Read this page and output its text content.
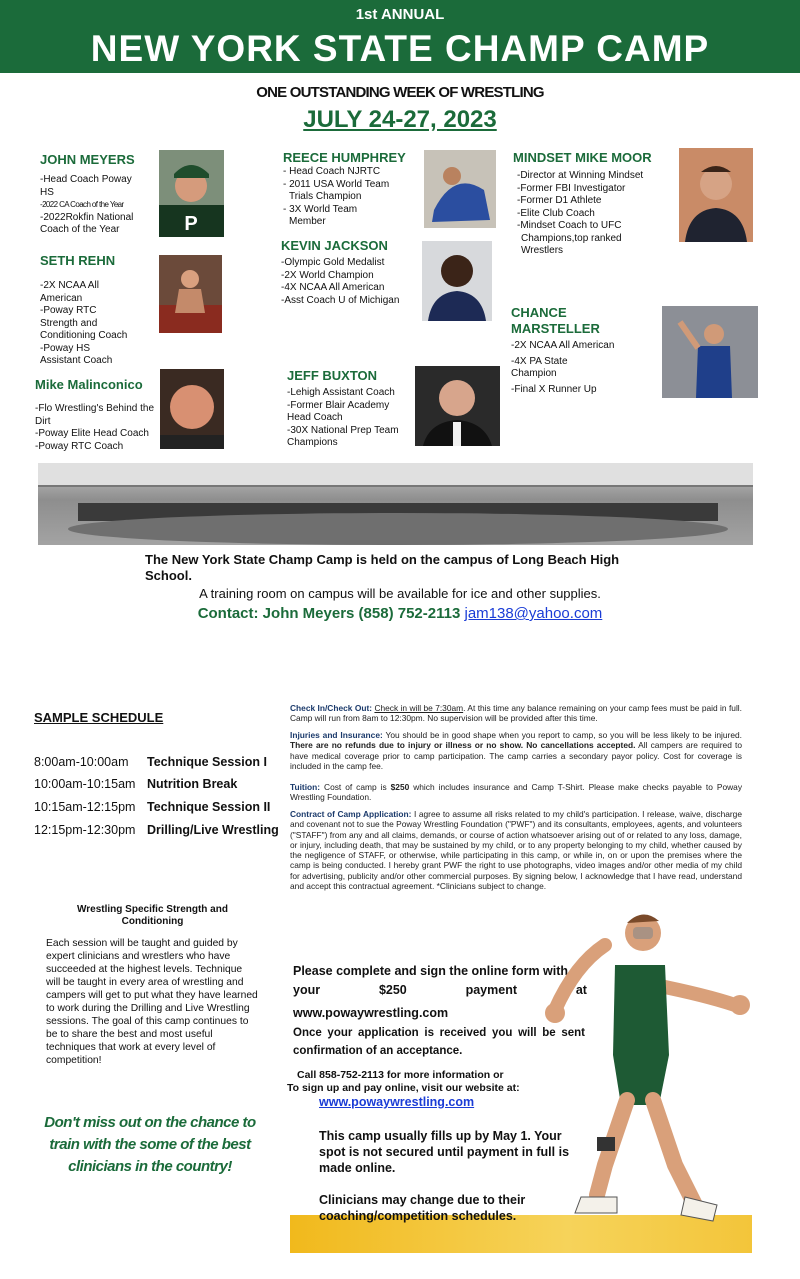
1st ANNUAL
NEW YORK STATE CHAMP CAMP
ONE OUTSTANDING WEEK OF WRESTLING
JULY 24-27, 2023
JOHN MEYERS
-Head Coach Poway
HS
-2022 CA Coach of the Year
-2022Rokfin National
Coach of the Year	P
SETH REHN
-2X NCAA All
American
-Poway RTC
Strength and
Conditioning Coach
-Poway HS
Assistant Coach
Mike Malinconico
-Flo Wrestling's Behind the
Dirt
-Poway Elite Head Coach
-Poway RTC Coach
REECE HUMPHREY
- Head Coach NJRTC
- 2011 USA World Team
Trials Champion
- 3X World Team
Member
KEVIN JACKSON
-Olympic Gold Medalist
-2X World Champion
-4X NCAA All American
-Asst Coach U of Michigan
JEFF BUXTON
-Lehigh Assistant Coach
-Former Blair Academy
Head Coach
-30X National Prep Team
Champions
MINDSET MIKE MOOR
-Director at Winning Mindset
-Former FBI Investigator
-Former D1 Athlete
-Elite Club Coach
-Mindset Coach to UFC
Champions,top ranked
Wrestlers
CHANCE
MARSTELLER
-2X NCAA All American
-4X PA State
Champion
-Final X Runner Up
The New York State Champ Camp is held on the campus of Long Beach High School.
A training room on campus will be available for ice and other supplies.
Contact: John Meyers (858) 752-2113 jam138@yahoo.com
SAMPLE SCHEDULE
8:00am-10:00am Technique Session I
10:00am-10:15am Nutrition Break
10:15am-12:15pm Technique Session II
12:15pm-12:30pm Drilling/Live Wrestling
Wrestling Specific Strength and Conditioning
Each session will be taught and guided by expert clinicians and wrestlers who have succeeded at the highest levels. Technique will be taught in every area of wrestling and campers will get to put what they have learned to work during the Drilling and Live Wrestling sessions. The goal of this camp continues to be to share the best and most useful techniques that work at every level of competition!
Don't miss out on the chance to train with the some of the best clinicians in the country!
Check In/Check Out: Check in will be 7:30am. At this time any balance remaining on your camp fees must be paid in full. Camp will run from 8am to 12:30pm. No supervision will be provided after this time.
Injuries and Insurance: You should be in good shape when you report to camp, so you will be less likely to be injured. There are no refunds due to injury or illness or no show. No cancellations accepted. All campers are required to have medical coverage prior to camp participation. The camp carries a secondary payor policy. Cost for coverage is included in the camp fee.
Tuition: Cost of camp is $250 which includes insurance and Camp T-Shirt. Please make checks payable to Poway Wrestling Foundation.
Contract of Camp Application: I agree to assume all risks related to my child's participation. I release, waive, discharge and covenant not to sue the Poway Wrestling Foundation ("PWF") and its consultants, employees, agents, and volunteers ("STAFF") from any and all claims, demands, or course of action whatsoever arising out of or related to any loss, damage, or injury, including death, that may be sustained by my child, or to any property belonging to my child, whether caused by the negligence of STAFF, or otherwise, while participating in this camp, or while in, on or upon the premises where the camp is being conducted. I hereby grant PWF the right to use photographs, video images and/or other media of my child for advertising, publicity and/or other commercial purposes. By signing below, I acknowledge that I have read, understand and accept this contractual agreement. *Clinicians subject to change.
Please complete and sign the online form with
your	$250	payment	at
www.powaywrestling.com
Once your application is received you will be sent confirmation of an acceptance.
Call 858-752-2113 for more information or
To sign up and pay online, visit our website at:
www.powaywrestling.com
This camp usually fills up by May 1. Your spot is not secured until payment in full is made online.
Clinicians may change due to their coaching/competition schedules.
